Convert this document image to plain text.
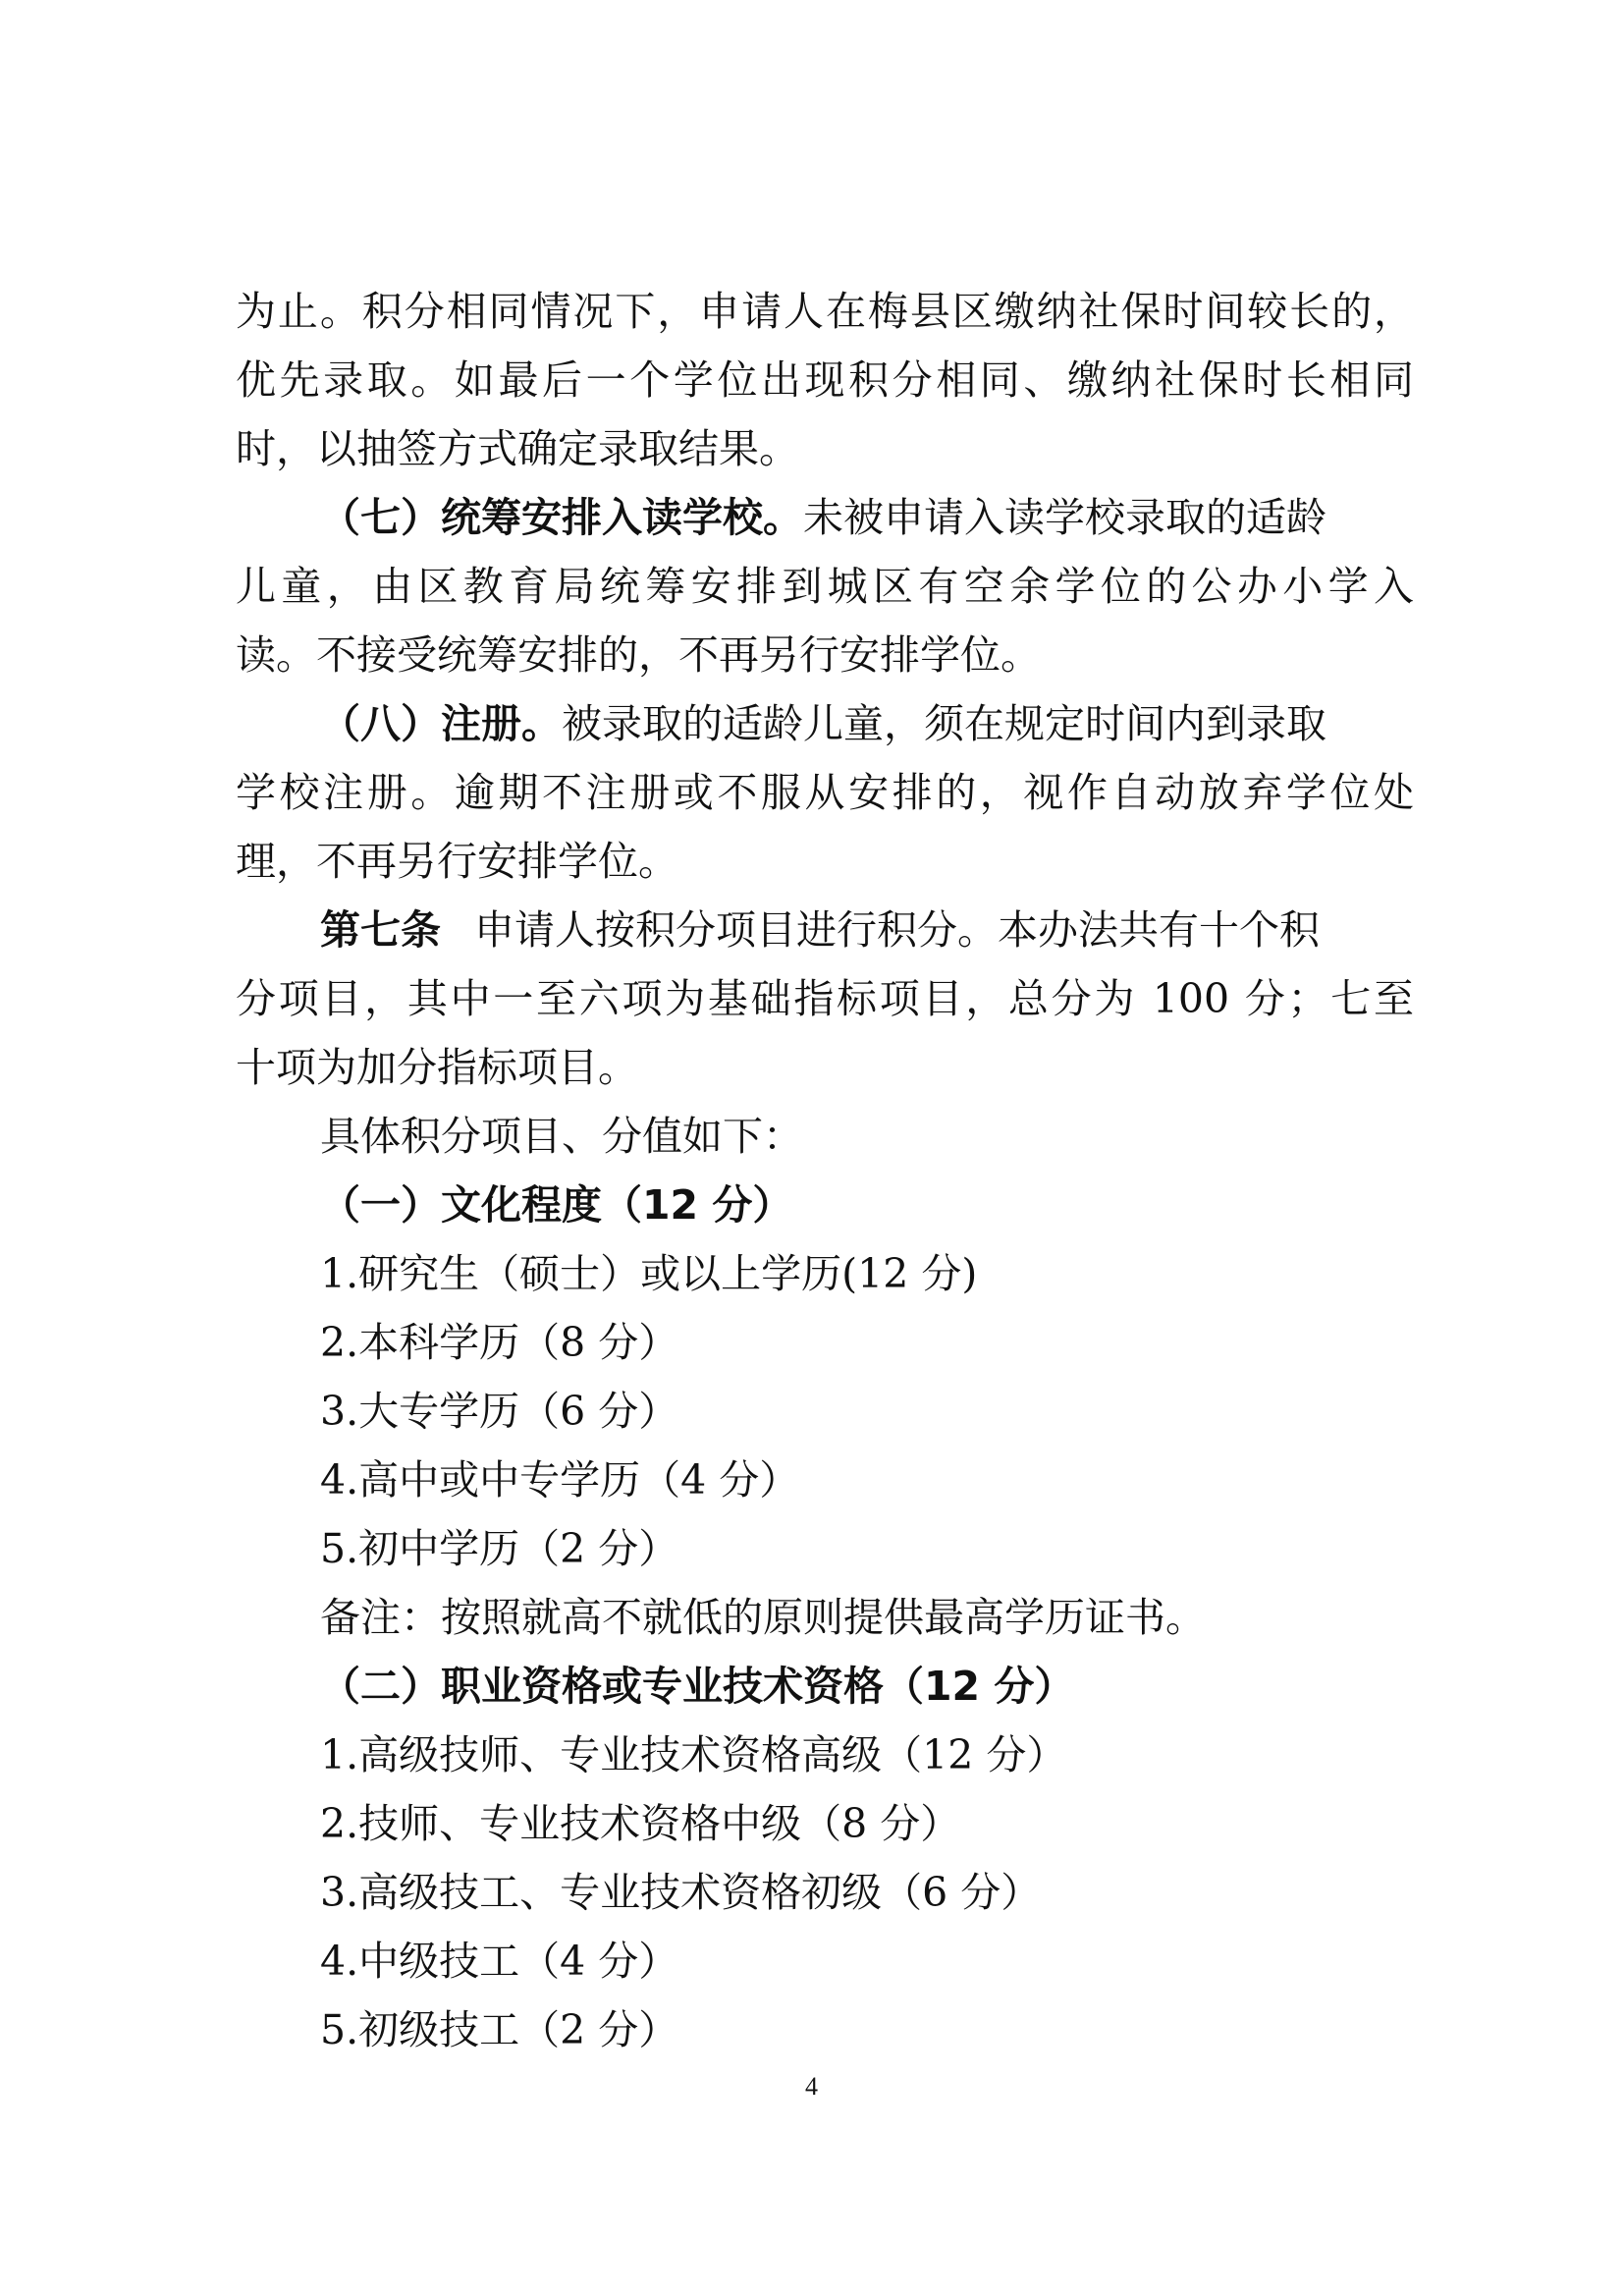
为止。积分相同情况下，申请人在梅县区缴纳社保时间较长的，
优先录取。如最后一个学位出现积分相同、缴纳社保时长相同
时，以抽签方式确定录取结果。
（七）统筹安排入读学校。未被申请入读学校录取的适龄
儿童，由区教育局统筹安排到城区有空余学位的公办小学入
读。不接受统筹安排的，不再另行安排学位。
（八）注册。被录取的适龄儿童，须在规定时间内到录取
学校注册。逾期不注册或不服从安排的，视作自动放弃学位处
理，不再另行安排学位。
第七条 申请人按积分项目进行积分。本办法共有十个积
分项目，其中一至六项为基础指标项目，总分为 100 分；七至
十项为加分指标项目。
具体积分项目、分值如下：
（一）文化程度（12 分）
1.研究生（硕士）或以上学历(12 分)
2.本科学历（8 分）
3.大专学历（6 分）
4.高中或中专学历（4 分）
5.初中学历（2 分）
备注：按照就高不就低的原则提供最高学历证书。
（二）职业资格或专业技术资格（12 分）
1.高级技师、专业技术资格高级（12 分）
2.技师、专业技术资格中级（8 分）
3.高级技工、专业技术资格初级（6 分）
4.中级技工（4 分）
5.初级技工（2 分）
4
